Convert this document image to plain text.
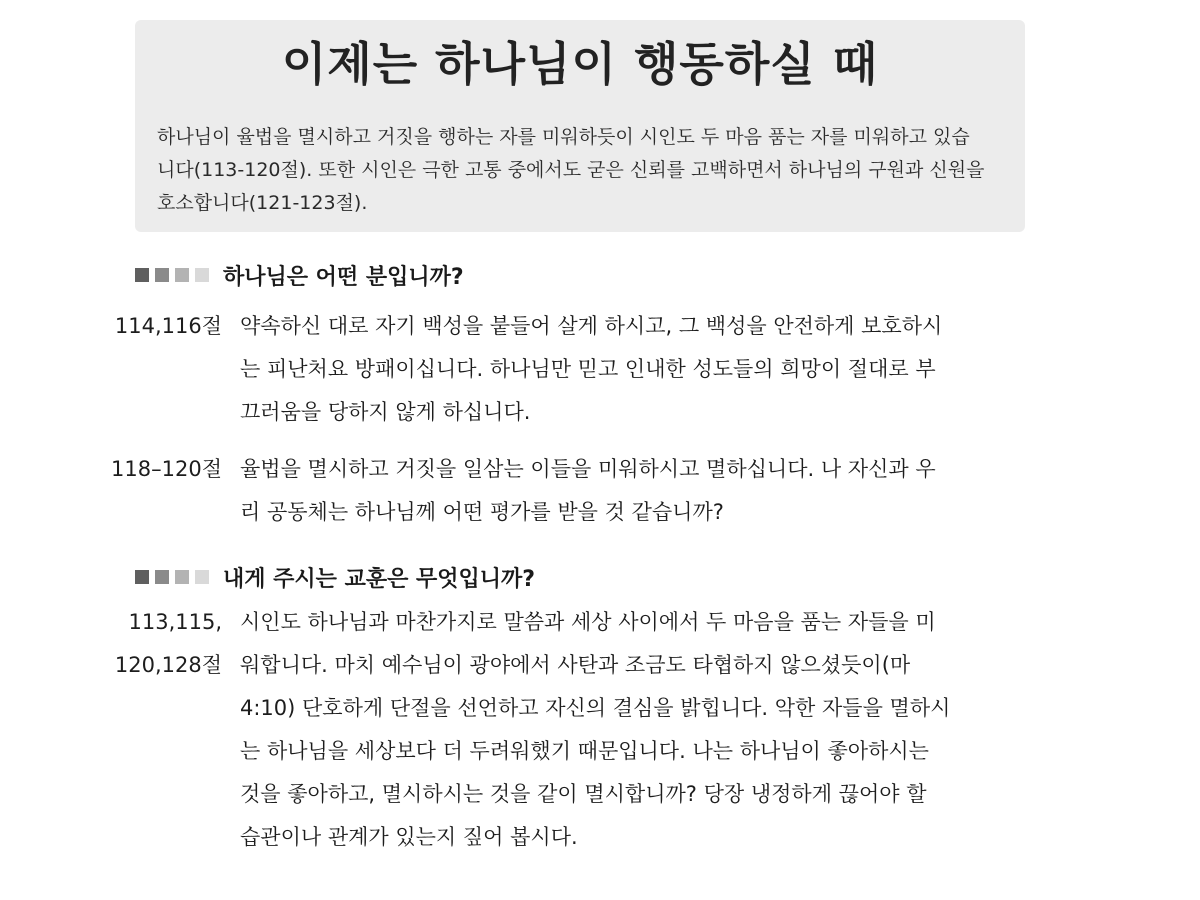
이제는 하나님이 행동하실 때
하나님이 율법을 멸시하고 거짓을 행하는 자를 미워하듯이 시인도 두 마음 품는 자를 미워하고 있습
니다(113-120절). 또한 시인은 극한 고통 중에서도 굳은 신뢰를 고백하면서 하나님의 구원과 신원을
호소합니다(121-123절).
하나님은 어떤 분입니까?
114,116절 약속하신 대로 자기 백성을 붙들어 살게 하시고, 그 백성을 안전하게 보호하시
는 피난처요 방패이십니다. 하나님만 믿고 인내한 성도들의 희망이 절대로 부
끄러움을 당하지 않게 하십니다.
118–120절 율법을 멸시하고 거짓을 일삼는 이들을 미워하시고 멸하십니다. 나 자신과 우
리 공동체는 하나님께 어떤 평가를 받을 것 같습니까?
내게 주시는 교훈은 무엇입니까?
113,115,
120,128절
시인도 하나님과 마찬가지로 말씀과 세상 사이에서 두 마음을 품는 자들을 미
워합니다. 마치 예수님이 광야에서 사탄과 조금도 타협하지 않으셨듯이(마
4:10) 단호하게 단절을 선언하고 자신의 결심을 밝힙니다. 악한 자들을 멸하시
는 하나님을 세상보다 더 두려워했기 때문입니다. 나는 하나님이 좋아하시는
것을 좋아하고, 멸시하시는 것을 같이 멸시합니까? 당장 냉정하게 끊어야 할
습관이나 관계가 있는지 짚어 봅시다.
